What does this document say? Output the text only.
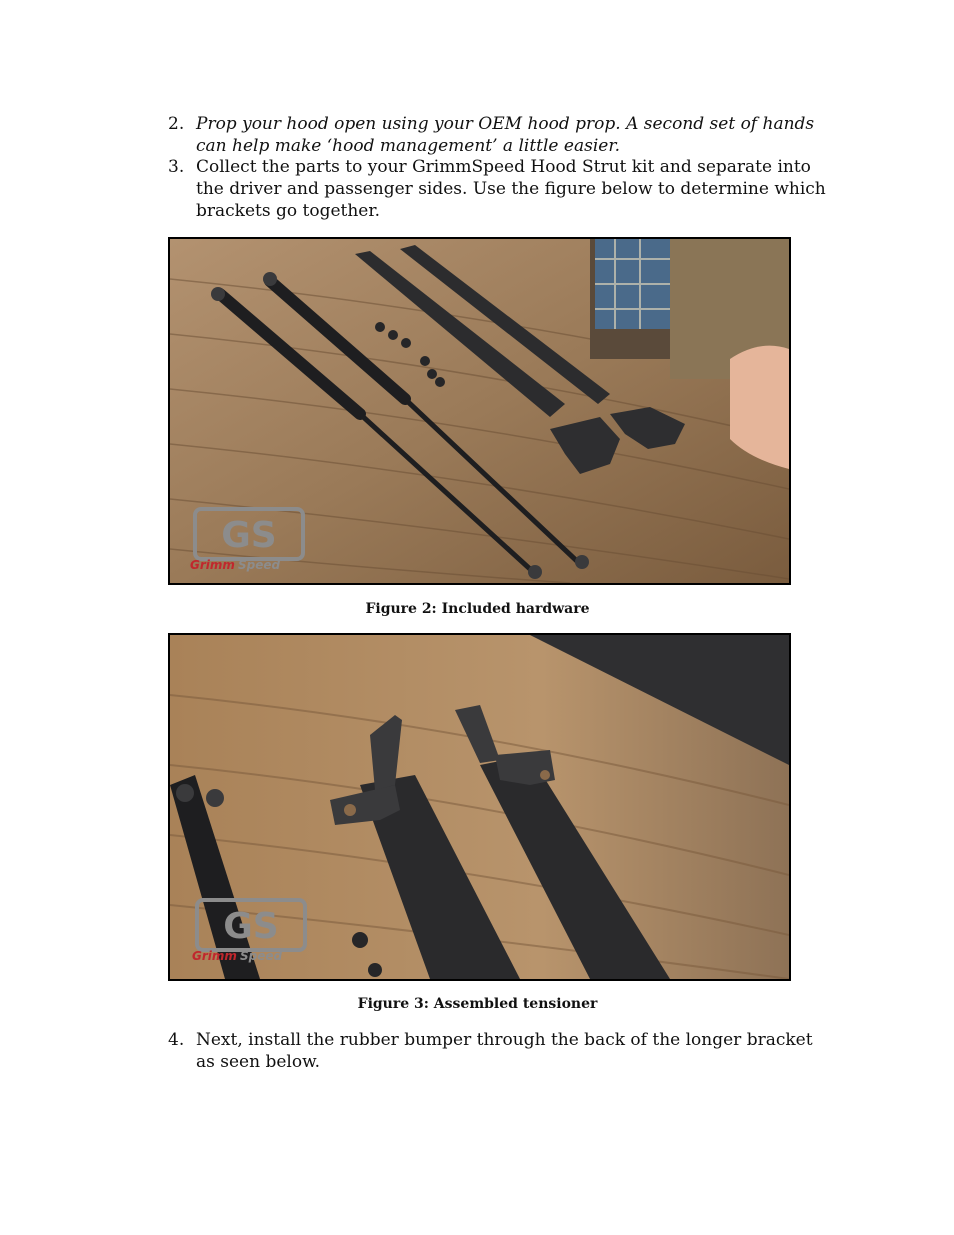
2. Prop your hood open using your OEM hood prop. A second set of hands can help make ‘hood management’ a little easier.
3. Collect the parts to your GrimmSpeed Hood Strut kit and separate into the driver and passenger sides. Use the figure below to determine which brackets go together.
GS
Grimm Speed
Figure 2: Included hardware
GS
Grimm Speed
Figure 3: Assembled tensioner
4. Next, install the rubber bumper through the back of the longer bracket as seen below.
